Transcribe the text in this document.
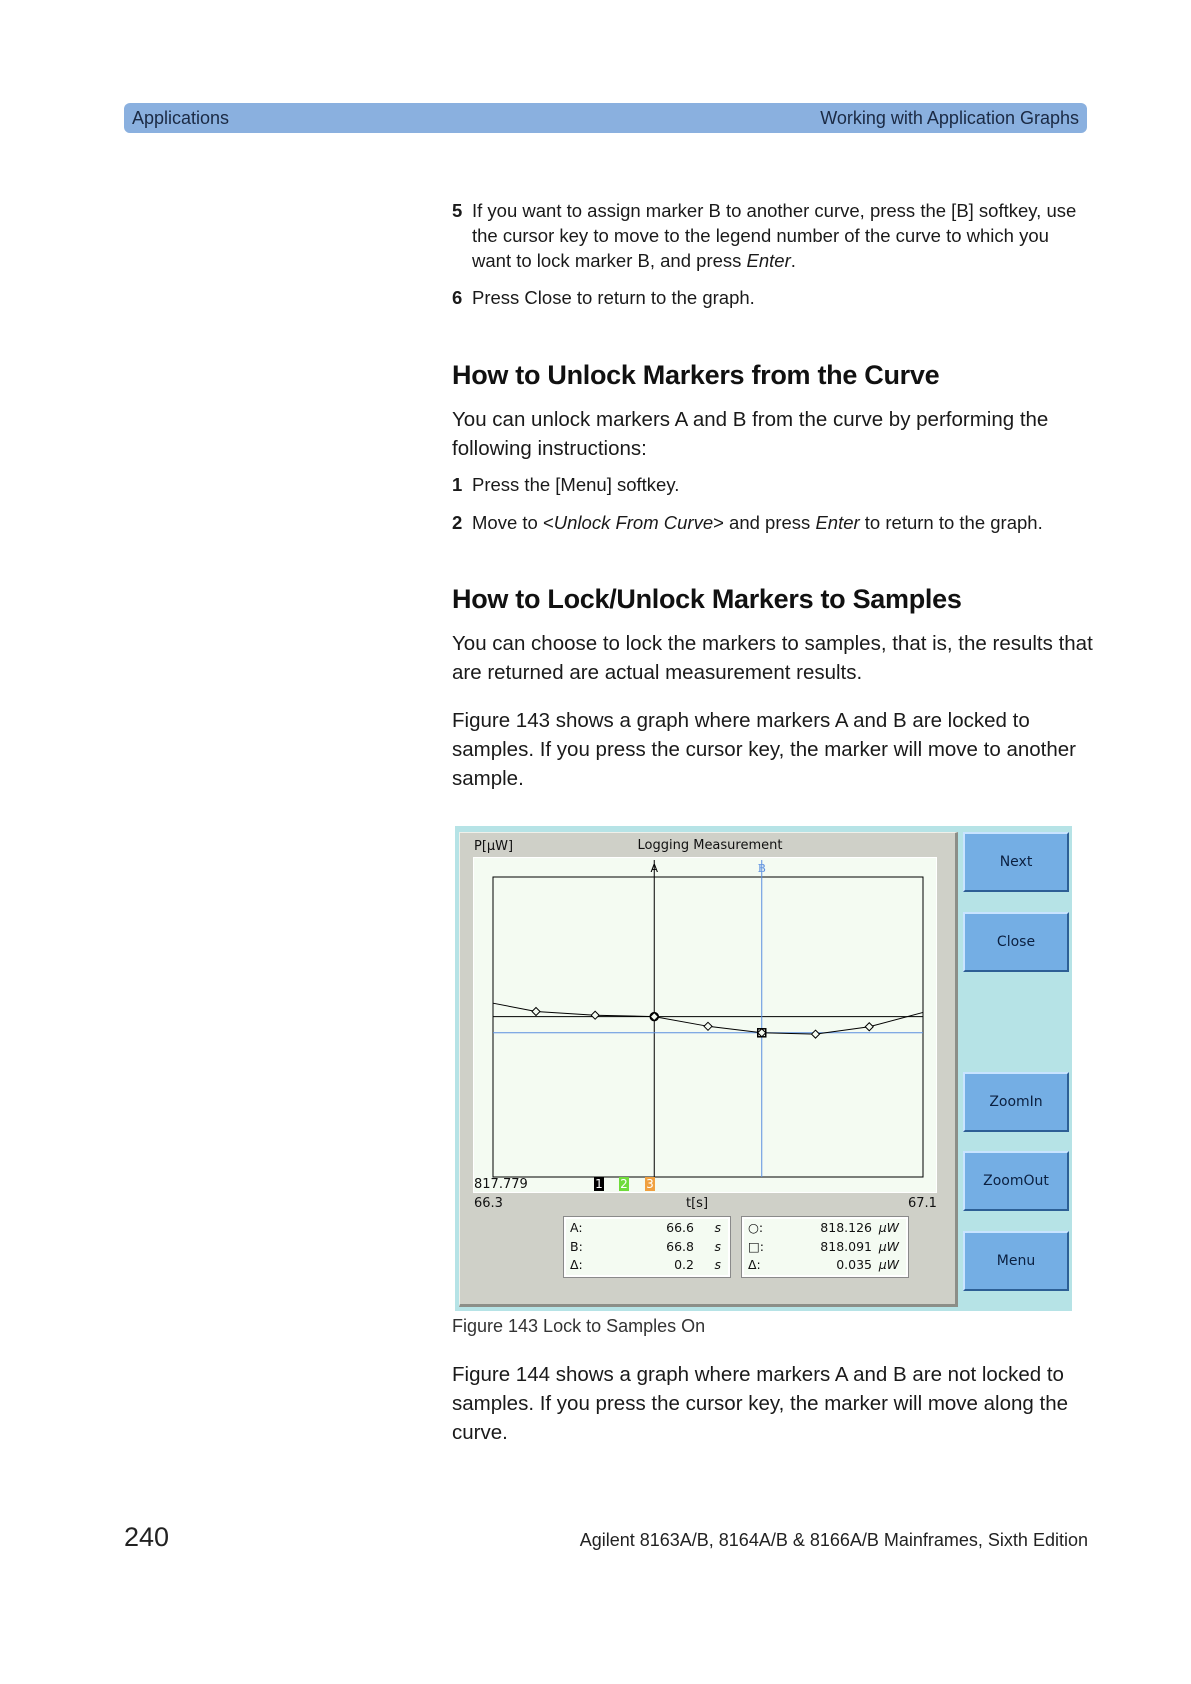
Applications	Working with Application Graphs
5 If you want to assign marker B to another curve, press the [B] softkey, use the cursor key to move to the legend number of the curve to which you want to lock marker B, and press Enter.
6 Press Close to return to the graph.
How to Unlock Markers from the Curve
You can unlock markers A and B from the curve by performing the following instructions:
1 Press the [Menu] softkey.
2 Move to <Unlock From Curve> and press Enter to return to the graph.
How to Lock/Unlock Markers to Samples
You can choose to lock the markers to samples, that is, the results that are returned are actual measurement results.
Figure 143 shows a graph where markers A and B are locked to samples. If you press the cursor key, the marker will move to another sample.
P[µW]	Logging Measurement
A	B
817.779
66.3	t[s]	67.1
1 2 3
A:	66.6 s
B:	66.8 s
Δ:	0.2 s
○:	818.126 µW
□:	818.091 µW
Δ:	0.035 µW
Next
Close
ZoomIn
ZoomOut
Menu
Figure 143 Lock to Samples On
Figure 144 shows a graph where markers A and B are not locked to samples. If you press the cursor key, the marker will move along the curve.
240	Agilent 8163A/B, 8164A/B & 8166A/B Mainframes, Sixth Edition
